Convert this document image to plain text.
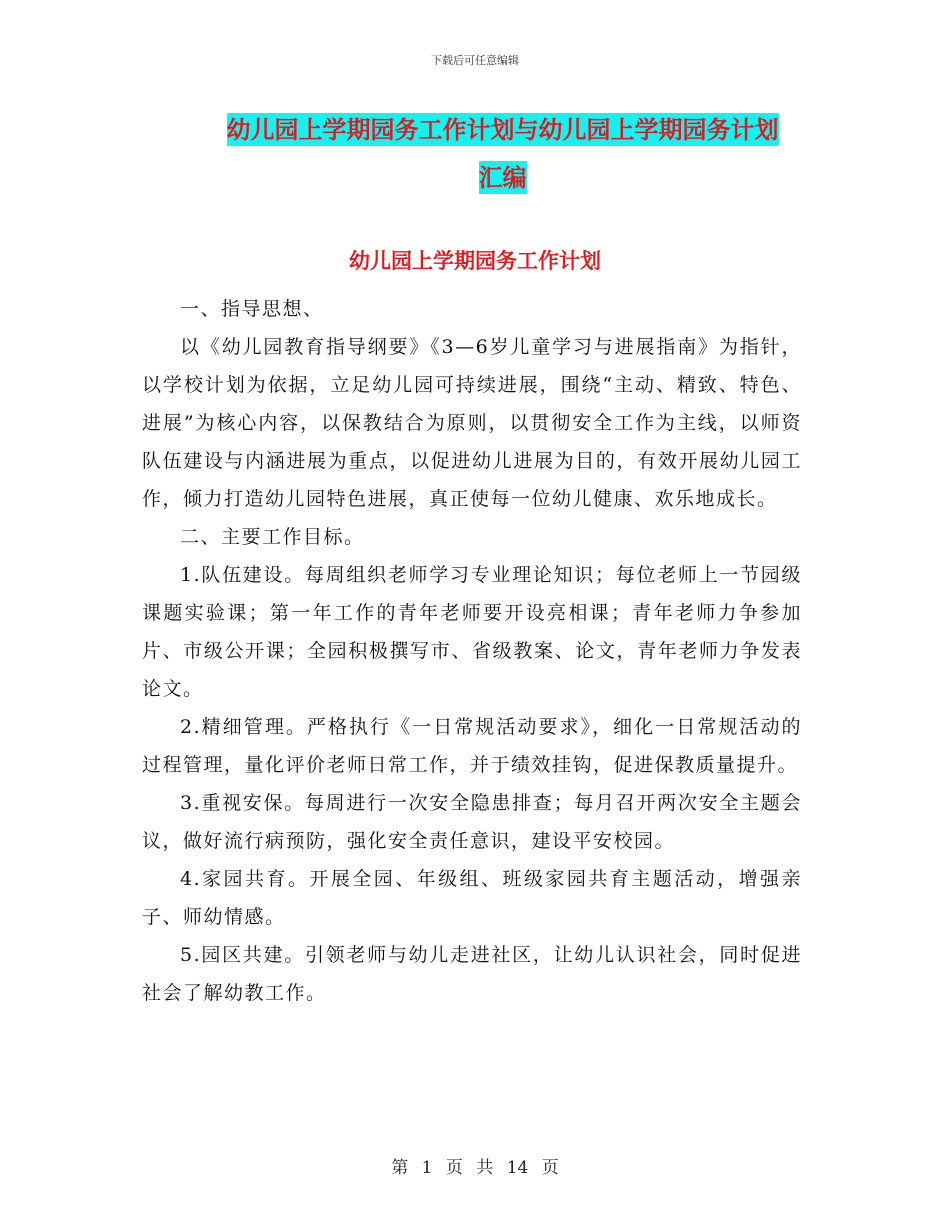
下载后可任意编辑
幼儿园上学期园务工作计划与幼儿园上学期园务计划
汇编
幼儿园上学期园务工作计划

一、指导思想、

以《幼儿园教育指导纲要》《3—6岁儿童学习与进展指南》为指针，以学校计划为依据，立足幼儿园可持续进展，围绕“主动、精致、特色、进展”为核心内容，以保教结合为原则，以贯彻安全工作为主线，以师资队伍建设与内涵进展为重点，以促进幼儿进展为目的，有效开展幼儿园工作，倾力打造幼儿园特色进展，真正使每一位幼儿健康、欢乐地成长。

二、主要工作目标。

1.队伍建设。每周组织老师学习专业理论知识；每位老师上一节园级课题实验课；第一年工作的青年老师要开设亮相课；青年老师力争参加片、市级公开课；全园积极撰写市、省级教案、论文，青年老师力争发表论文。

2.精细管理。严格执行《一日常规活动要求》，细化一日常规活动的过程管理，量化评价老师日常工作，并于绩效挂钩，促进保教质量提升。

3.重视安保。每周进行一次安全隐患排查；每月召开两次安全主题会议，做好流行病预防，强化安全责任意识，建设平安校园。

4.家园共育。开展全园、年级组、班级家园共育主题活动，增强亲子、师幼情感。

5.园区共建。引领老师与幼儿走进社区，让幼儿认识社会，同时促进社会了解幼教工作。

第 1 页 共 14 页
